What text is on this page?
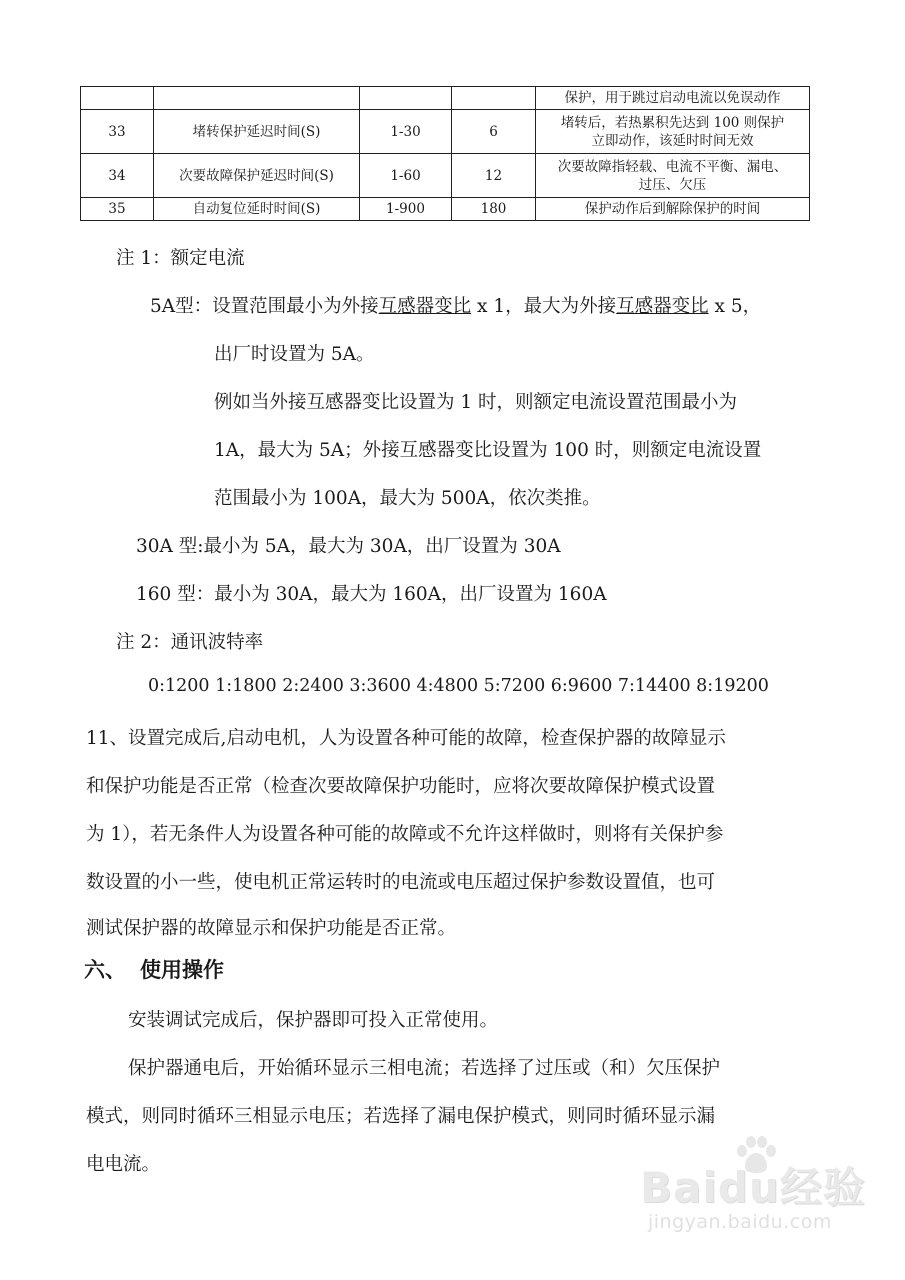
				保护，用于跳过启动电流以免误动作

33	堵转保护延迟时间(S)	1-30	6	堵转后，若热累积先达到 100 则保护
立即动作，该延时时间无效

34	次要故障保护延迟时间(S)	1-60	12	次要故障指轻载、电流不平衡、漏电、
过压、欠压

35	自动复位延时时间(S)	1-900	180	保护动作后到解除保护的时间
注 1：额定电流
5A型：设置范围最小为外接互感器变比 x 1，最大为外接互感器变比 x 5，
出厂时设置为 5A。
例如当外接互感器变比设置为 1 时，则额定电流设置范围最小为
1A，最大为 5A；外接互感器变比设置为 100 时，则额定电流设置
范围最小为 100A，最大为 500A，依次类推。
30A 型:最小为 5A，最大为 30A，出厂设置为 30A
160 型：最小为 30A，最大为 160A，出厂设置为 160A
注 2：通讯波特率
0:1200 1:1800 2:2400 3:3600 4:4800 5:7200 6:9600 7:14400 8:19200
11、设置完成后,启动电机，人为设置各种可能的故障，检查保护器的故障显示
和保护功能是否正常（检查次要故障保护功能时，应将次要故障保护模式设置
为 1），若无条件人为设置各种可能的故障或不允许这样做时，则将有关保护参
数设置的小一些，使电机正常运转时的电流或电压超过保护参数设置值，也可
测试保护器的故障显示和保护功能是否正常。
六、 使用操作
安装调试完成后，保护器即可投入正常使用。
保护器通电后，开始循环显示三相电流；若选择了过压或（和）欠压保护
模式，则同时循环三相显示电压；若选择了漏电保护模式，则同时循环显示漏
电电流。	Baidu经验
jingyan.baidu.com
